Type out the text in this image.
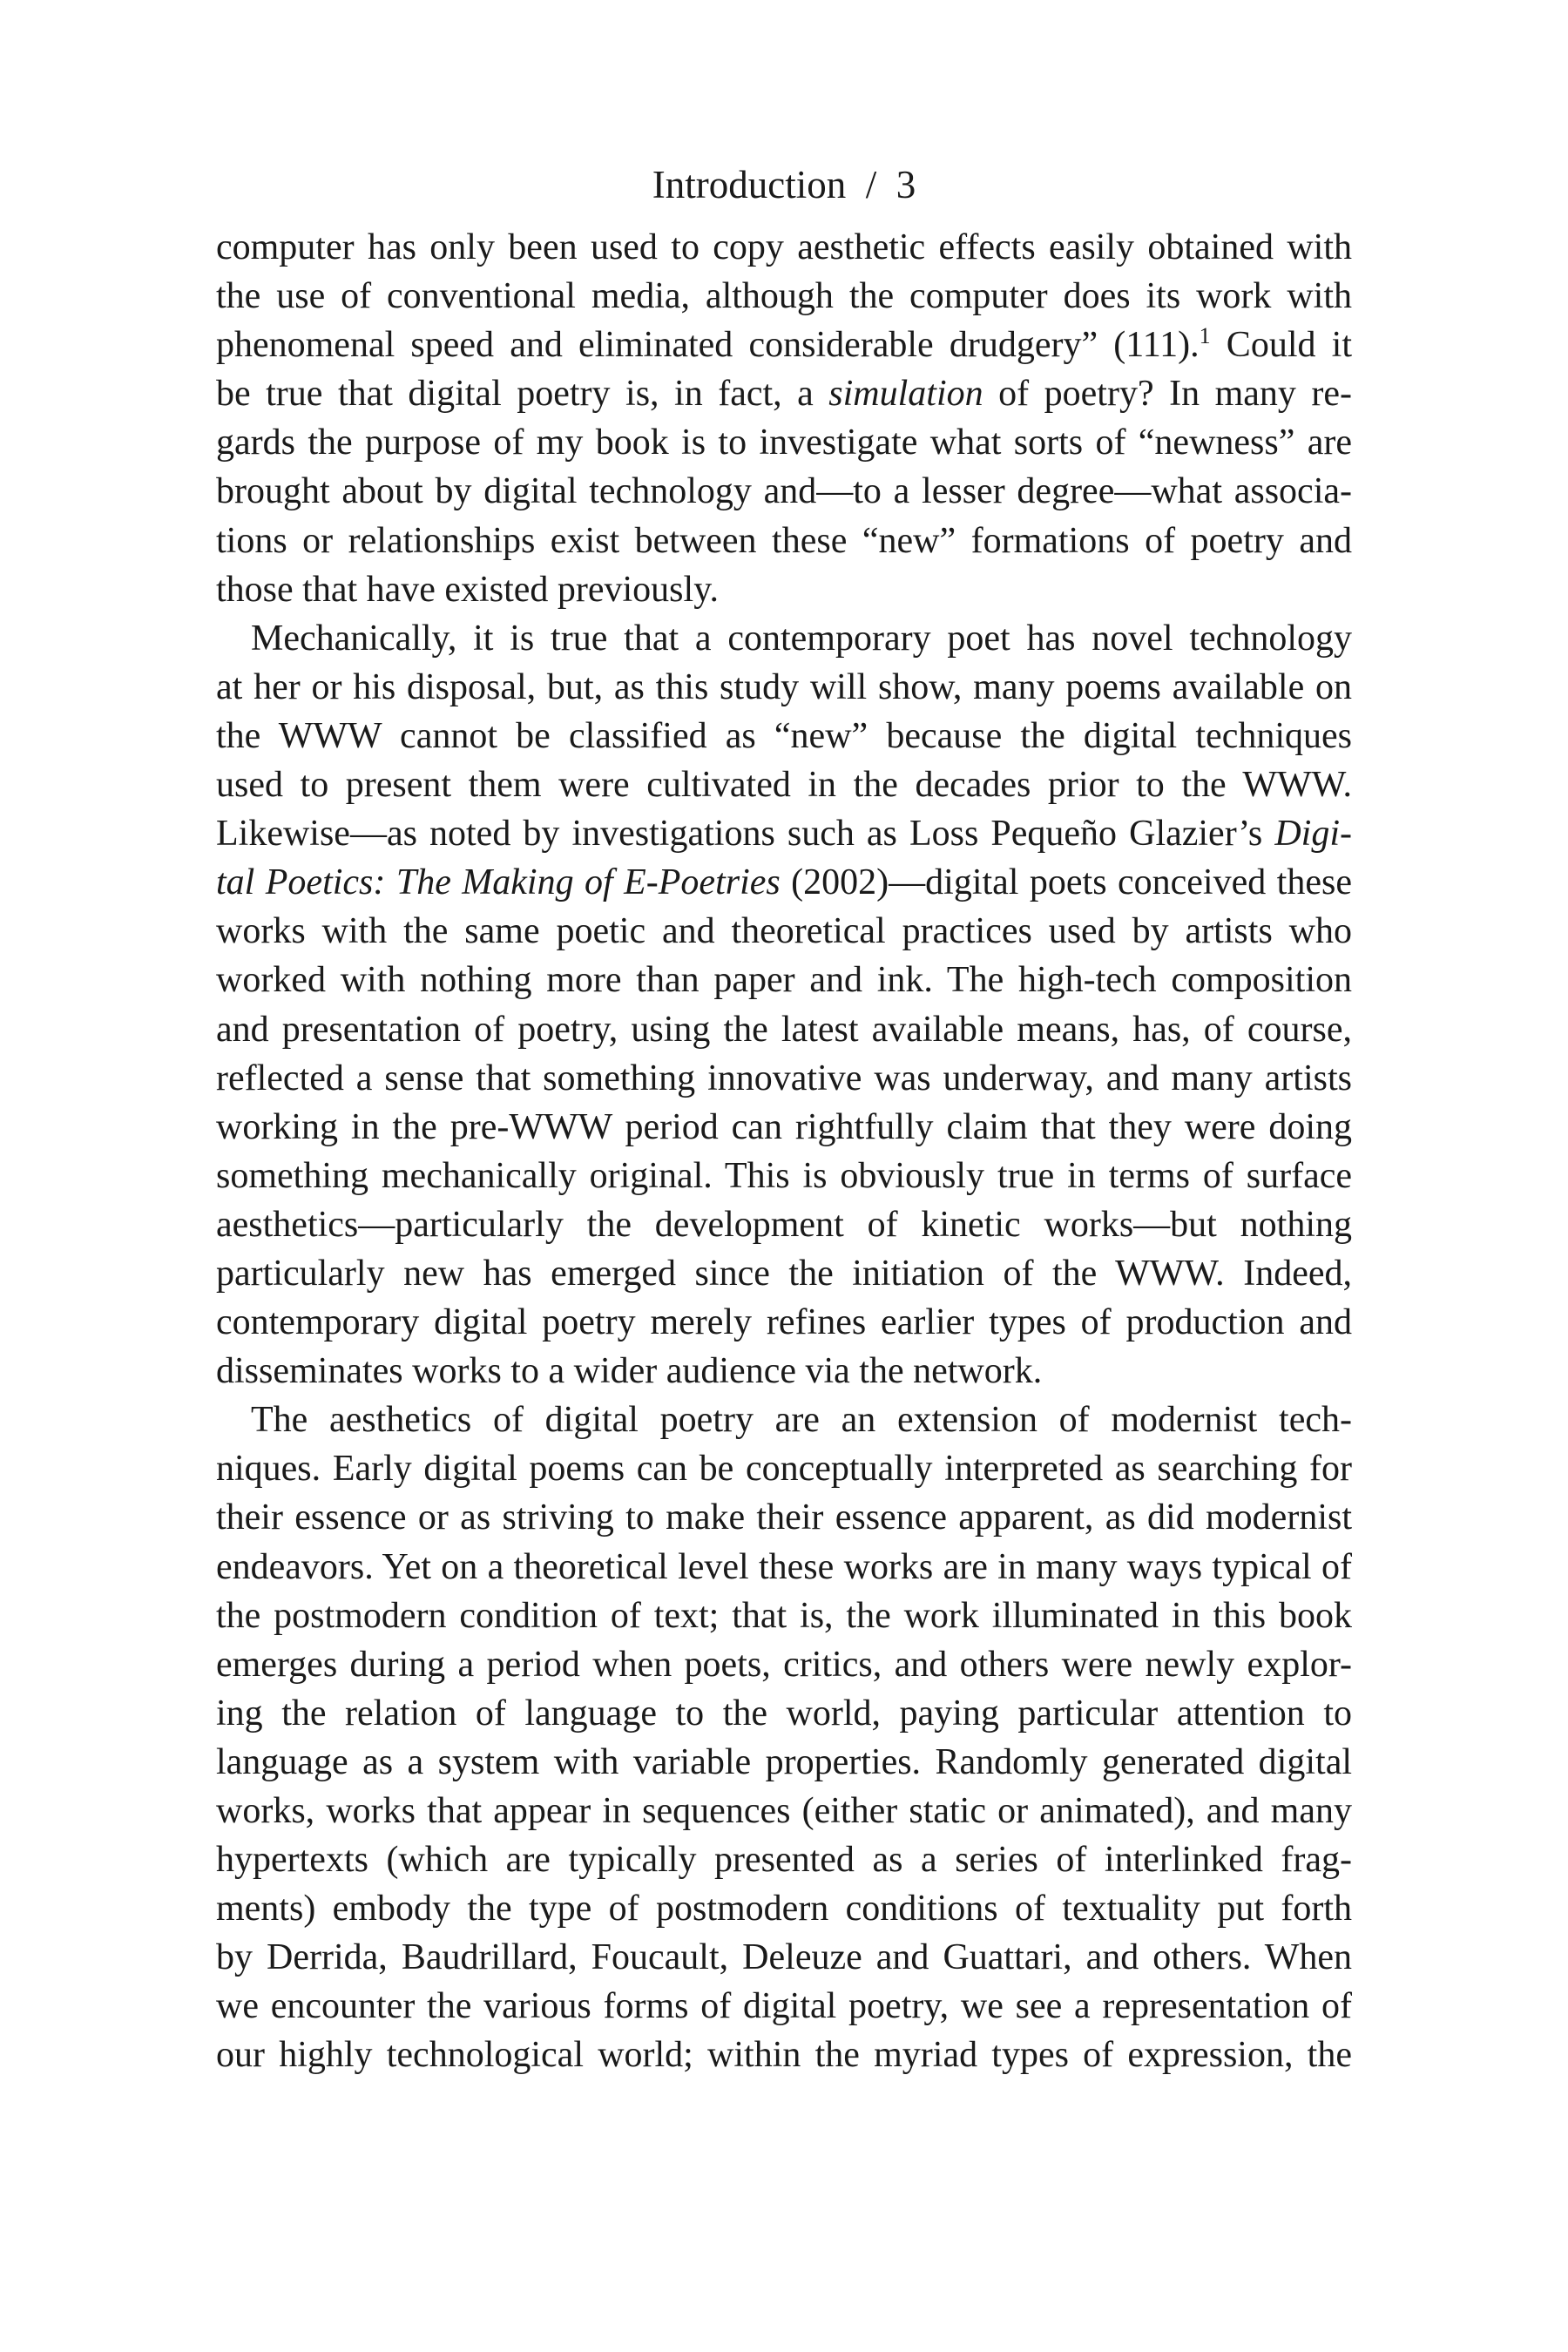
Introduction / 3
computer has only been used to copy aesthetic effects easily obtained with
the use of conventional media, although the computer does its work with
phenomenal speed and eliminated considerable drudgery” (111).$^1$ Could it
be true that digital poetry is, in fact, a simulation of poetry? In many re-
gards the purpose of my book is to investigate what sorts of “newness” are
brought about by digital technology and—to a lesser degree—what associa-
tions or relationships exist between these “new” formations of poetry and
those that have existed previously.
Mechanically, it is true that a contemporary poet has novel technology
at her or his disposal, but, as this study will show, many poems available on
the WWW cannot be classified as “new” because the digital techniques
used to present them were cultivated in the decades prior to the WWW.
Likewise—as noted by investigations such as Loss Pequeño Glazier’s Digi-
tal Poetics: The Making of E-Poetries (2002)—digital poets conceived these
works with the same poetic and theoretical practices used by artists who
worked with nothing more than paper and ink. The high-tech composition
and presentation of poetry, using the latest available means, has, of course,
reflected a sense that something innovative was underway, and many artists
working in the pre-WWW period can rightfully claim that they were doing
something mechanically original. This is obviously true in terms of surface
aesthetics—particularly the development of kinetic works—but nothing
particularly new has emerged since the initiation of the WWW. Indeed,
contemporary digital poetry merely refines earlier types of production and
disseminates works to a wider audience via the network.
The aesthetics of digital poetry are an extension of modernist tech-
niques. Early digital poems can be conceptually interpreted as searching for
their essence or as striving to make their essence apparent, as did modernist
endeavors. Yet on a theoretical level these works are in many ways typical of
the postmodern condition of text; that is, the work illuminated in this book
emerges during a period when poets, critics, and others were newly explor-
ing the relation of language to the world, paying particular attention to
language as a system with variable properties. Randomly generated digital
works, works that appear in sequences (either static or animated), and many
hypertexts (which are typically presented as a series of interlinked frag-
ments) embody the type of postmodern conditions of textuality put forth
by Derrida, Baudrillard, Foucault, Deleuze and Guattari, and others. When
we encounter the various forms of digital poetry, we see a representation of
our highly technological world; within the myriad types of expression, the
